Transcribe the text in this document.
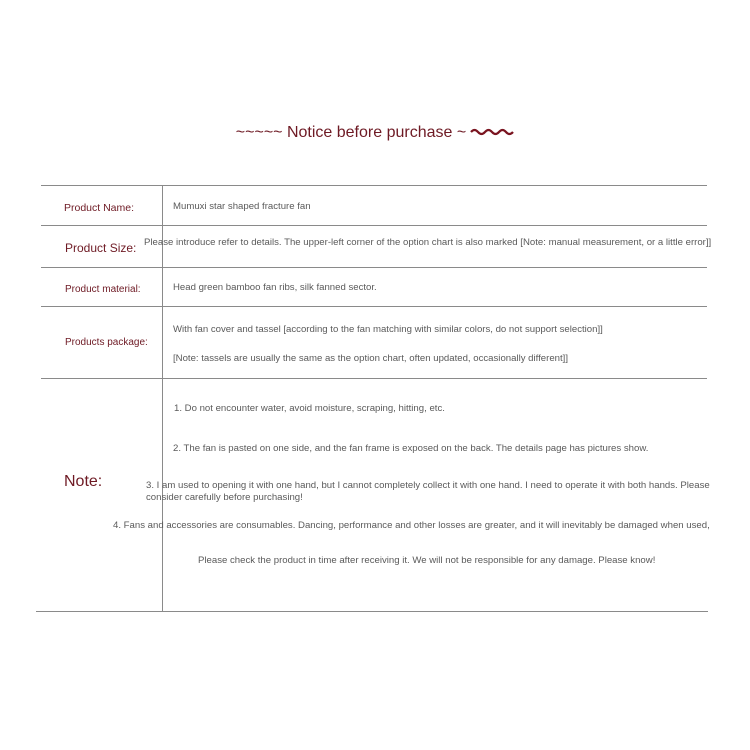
~~~~~ Notice before purchase ~
Product Name:	Mumuxi star shaped fracture fan
Product Size: Please introduce refer to details. The upper-left corner of the option chart is also marked [Note: manual measurement, or a little error]]
Product material:	Head green bamboo fan ribs, silk fanned sector.
Products package:
With fan cover and tassel [according to the fan matching with similar colors, do not support selection]]
[Note: tassels are usually the same as the option chart, often updated, occasionally different]]
Note:
1. Do not encounter water, avoid moisture, scraping, hitting, etc.
2. The fan is pasted on one side, and the fan frame is exposed on the back. The details page has pictures show.
3. I am used to opening it with one hand, but I cannot completely collect it with one hand. I need to operate it with both hands. Please consider carefully before purchasing!
4. Fans and accessories are consumables. Dancing, performance and other losses are greater, and it will inevitably be damaged when used,
Please check the product in time after receiving it. We will not be responsible for any damage. Please know!
